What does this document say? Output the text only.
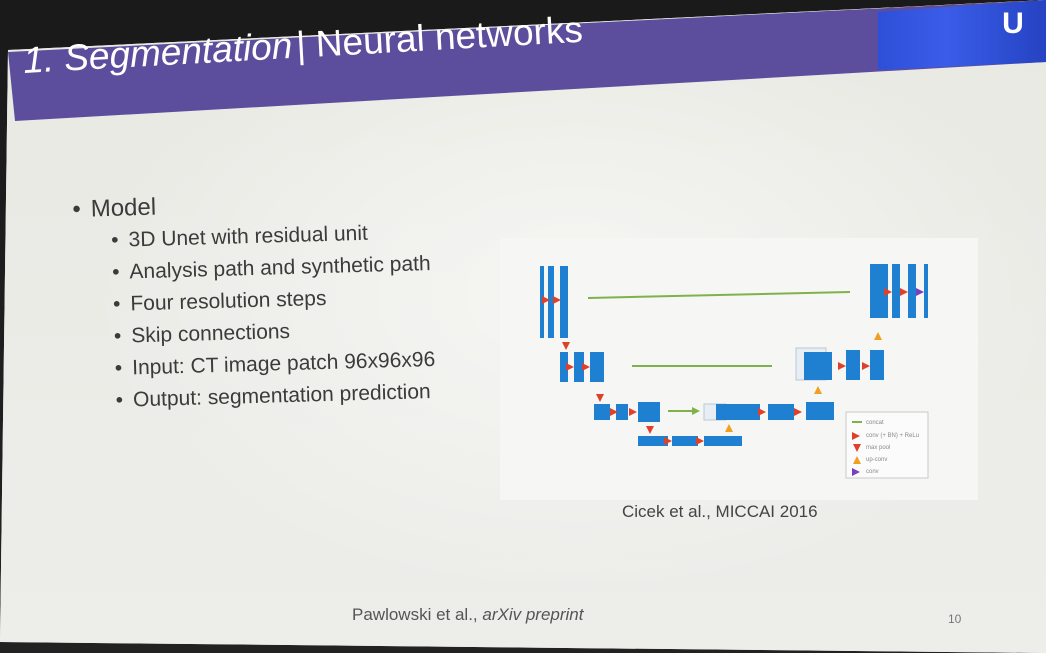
U
1. Segmentation| Neural networks
• Model
• 3D Unet with residual unit
• Analysis path and synthetic path
• Four resolution steps
• Skip connections
• Input: CT image patch 96x96x96
• Output: segmentation prediction
concat
conv (+ BN) + ReLu
max pool
up-conv
conv
Cicek et al., MICCAI 2016
Pawlowski et al., arXiv preprint	10
